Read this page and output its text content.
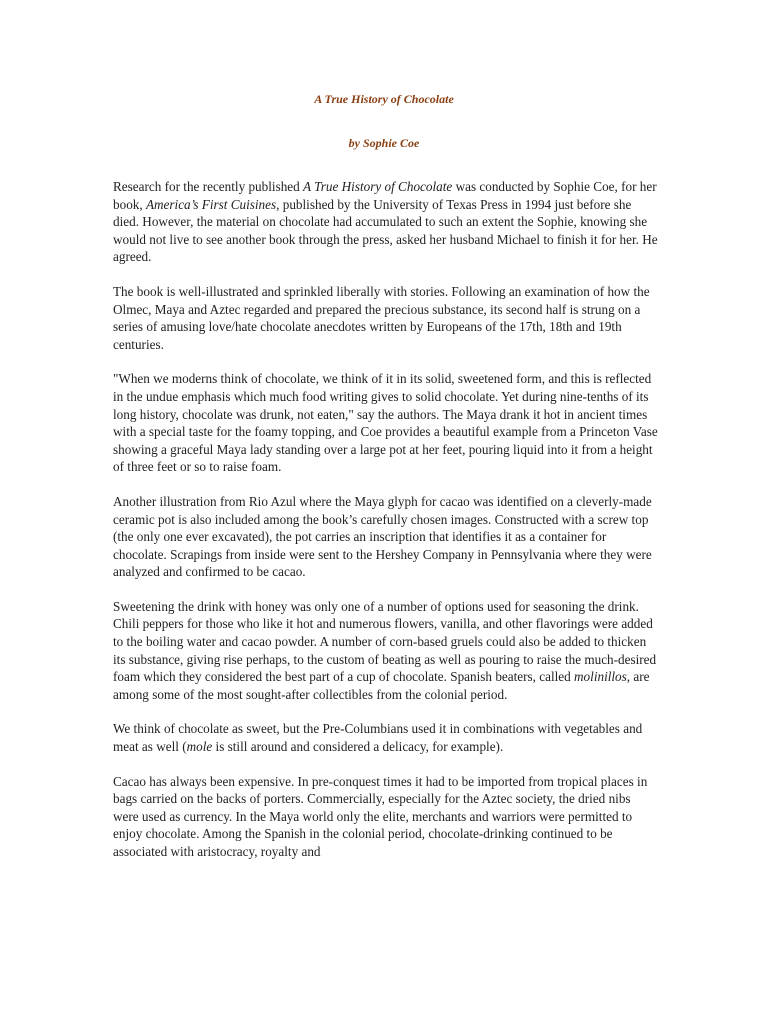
A True History of Chocolate
by Sophie Coe

Research for the recently published A True History of Chocolate was conducted by Sophie Coe, for her book, America’s First Cuisines, published by the University of Texas Press in 1994 just before she died. However, the material on chocolate had accumulated to such an extent the Sophie, knowing she would not live to see another book through the press, asked her husband Michael to finish it for her. He agreed.

The book is well-illustrated and sprinkled liberally with stories. Following an examination of how the Olmec, Maya and Aztec regarded and prepared the precious substance, its second half is strung on a series of amusing love/hate chocolate anecdotes written by Europeans of the 17th, 18th and 19th centuries.

"When we moderns think of chocolate, we think of it in its solid, sweetened form, and this is reflected in the undue emphasis which much food writing gives to solid chocolate. Yet during nine-tenths of its long history, chocolate was drunk, not eaten," say the authors. The Maya drank it hot in ancient times with a special taste for the foamy topping, and Coe provides a beautiful example from a Princeton Vase showing a graceful Maya lady standing over a large pot at her feet, pouring liquid into it from a height of three feet or so to raise foam.

Another illustration from Rio Azul where the Maya glyph for cacao was identified on a cleverly-made ceramic pot is also included among the book’s carefully chosen images. Constructed with a screw top (the only one ever excavated), the pot carries an inscription that identifies it as a container for chocolate. Scrapings from inside were sent to the Hershey Company in Pennsylvania where they were analyzed and confirmed to be cacao.

Sweetening the drink with honey was only one of a number of options used for seasoning the drink. Chili peppers for those who like it hot and numerous flowers, vanilla, and other flavorings were added to the boiling water and cacao powder. A number of corn-based gruels could also be added to thicken its substance, giving rise perhaps, to the custom of beating as well as pouring to raise the much-desired foam which they considered the best part of a cup of chocolate. Spanish beaters, called molinillos, are among some of the most sought-after collectibles from the colonial period.

We think of chocolate as sweet, but the Pre-Columbians used it in combinations with vegetables and meat as well (mole is still around and considered a delicacy, for example).

Cacao has always been expensive. In pre-conquest times it had to be imported from tropical places in bags carried on the backs of porters. Commercially, especially for the Aztec society, the dried nibs were used as currency. In the Maya world only the elite, merchants and warriors were permitted to enjoy chocolate. Among the Spanish in the colonial period, chocolate-drinking continued to be associated with aristocracy, royalty and
